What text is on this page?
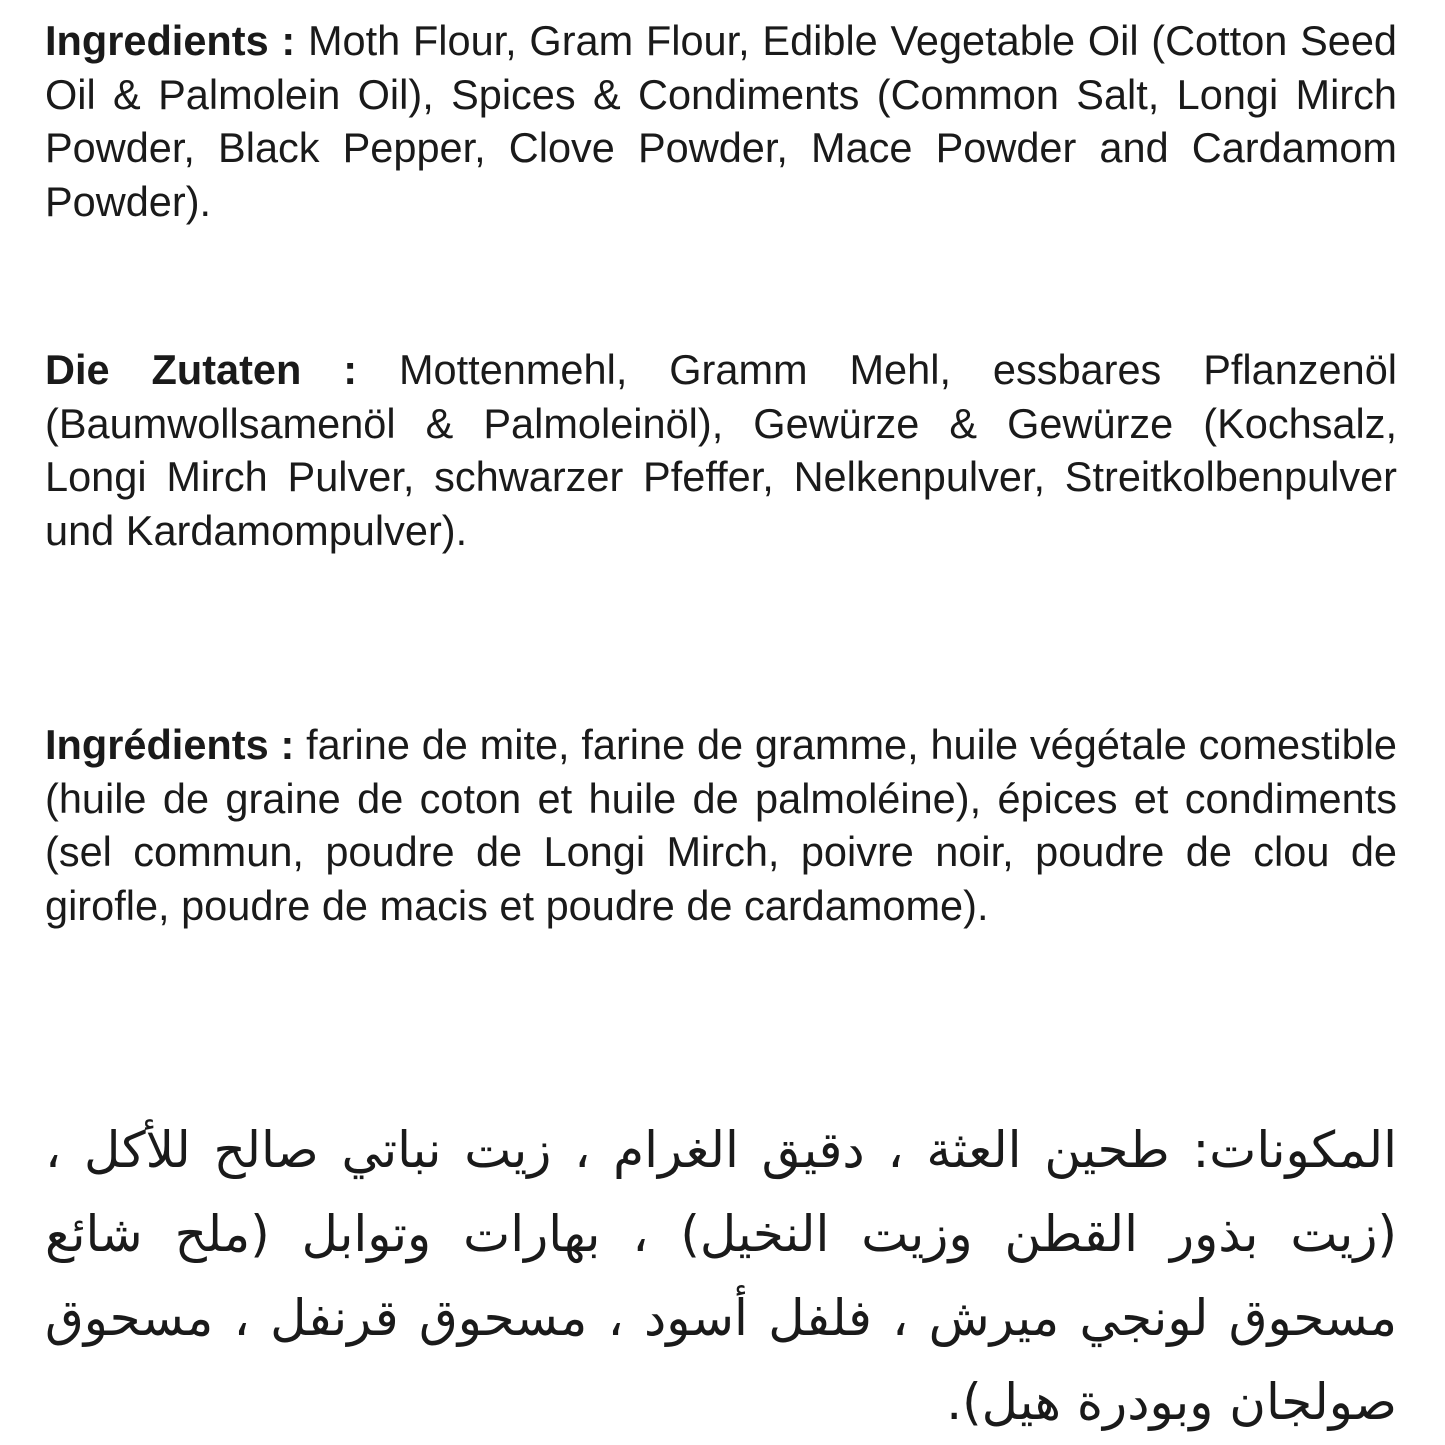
Ingredients : Moth Flour, Gram Flour, Edible Vegetable Oil (Cotton Seed Oil & Palmolein Oil), Spices & Condiments (Common Salt, Longi Mirch Powder, Black Pepper, Clove Powder, Mace Powder and Cardamom Powder).

Die Zutaten : Mottenmehl, Gramm Mehl, essbares Pflanzenöl (Baumwollsamenöl & Palmoleinöl), Gewürze & Gewürze (Kochsalz, Longi Mirch Pulver, schwarzer Pfeffer, Nelkenpulver, Streitkolbenpulver und Kardamompulver).

Ingrédients : farine de mite, farine de gramme, huile végétale comestible (huile de graine de coton et huile de palmoléine), épices et condiments (sel commun, poudre de Longi Mirch, poivre noir, poudre de clou de girofle, poudre de macis et poudre de cardamome).

المكونات: طحين العثة ، دقيق الغرام ، زيت نباتي صالح للأكل ،(زيت بذور القطن وزيت النخيل) ، بهارات وتوابل (ملح شائع مسحوق لونجي ميرش ، فلفل أسود ، مسحوق قرنفل ، مسحوق صولجان وبودرة هيل).
